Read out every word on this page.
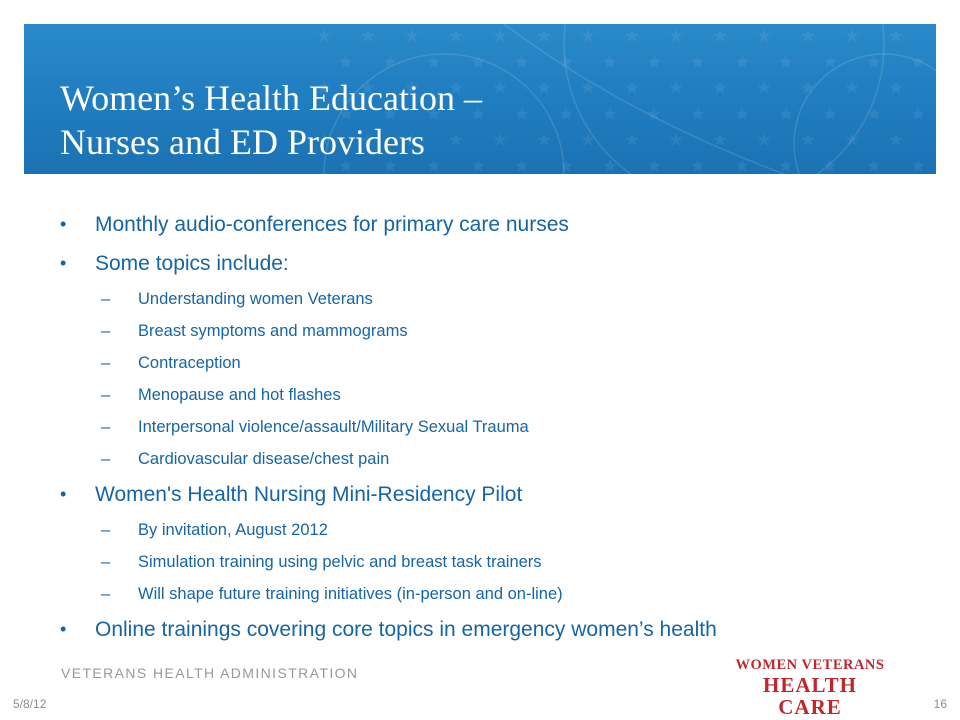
Women’s Health Education –
Nurses and ED Providers
• Monthly audio-conferences for primary care nurses
• Some topics include:
– Understanding women Veterans
– Breast symptoms and mammograms
– Contraception
– Menopause and hot flashes
– Interpersonal violence/assault/Military Sexual Trauma
– Cardiovascular disease/chest pain
• Women's Health Nursing Mini-Residency Pilot
– By invitation, August 2012
– Simulation training using pelvic and breast task trainers
– Will shape future training initiatives (in-person and on-line)
• Online trainings covering core topics in emergency women’s health
VETERANS HEALTH ADMINISTRATION	WOMEN VETERANS
HEALTH CARE
5/8/12	16
